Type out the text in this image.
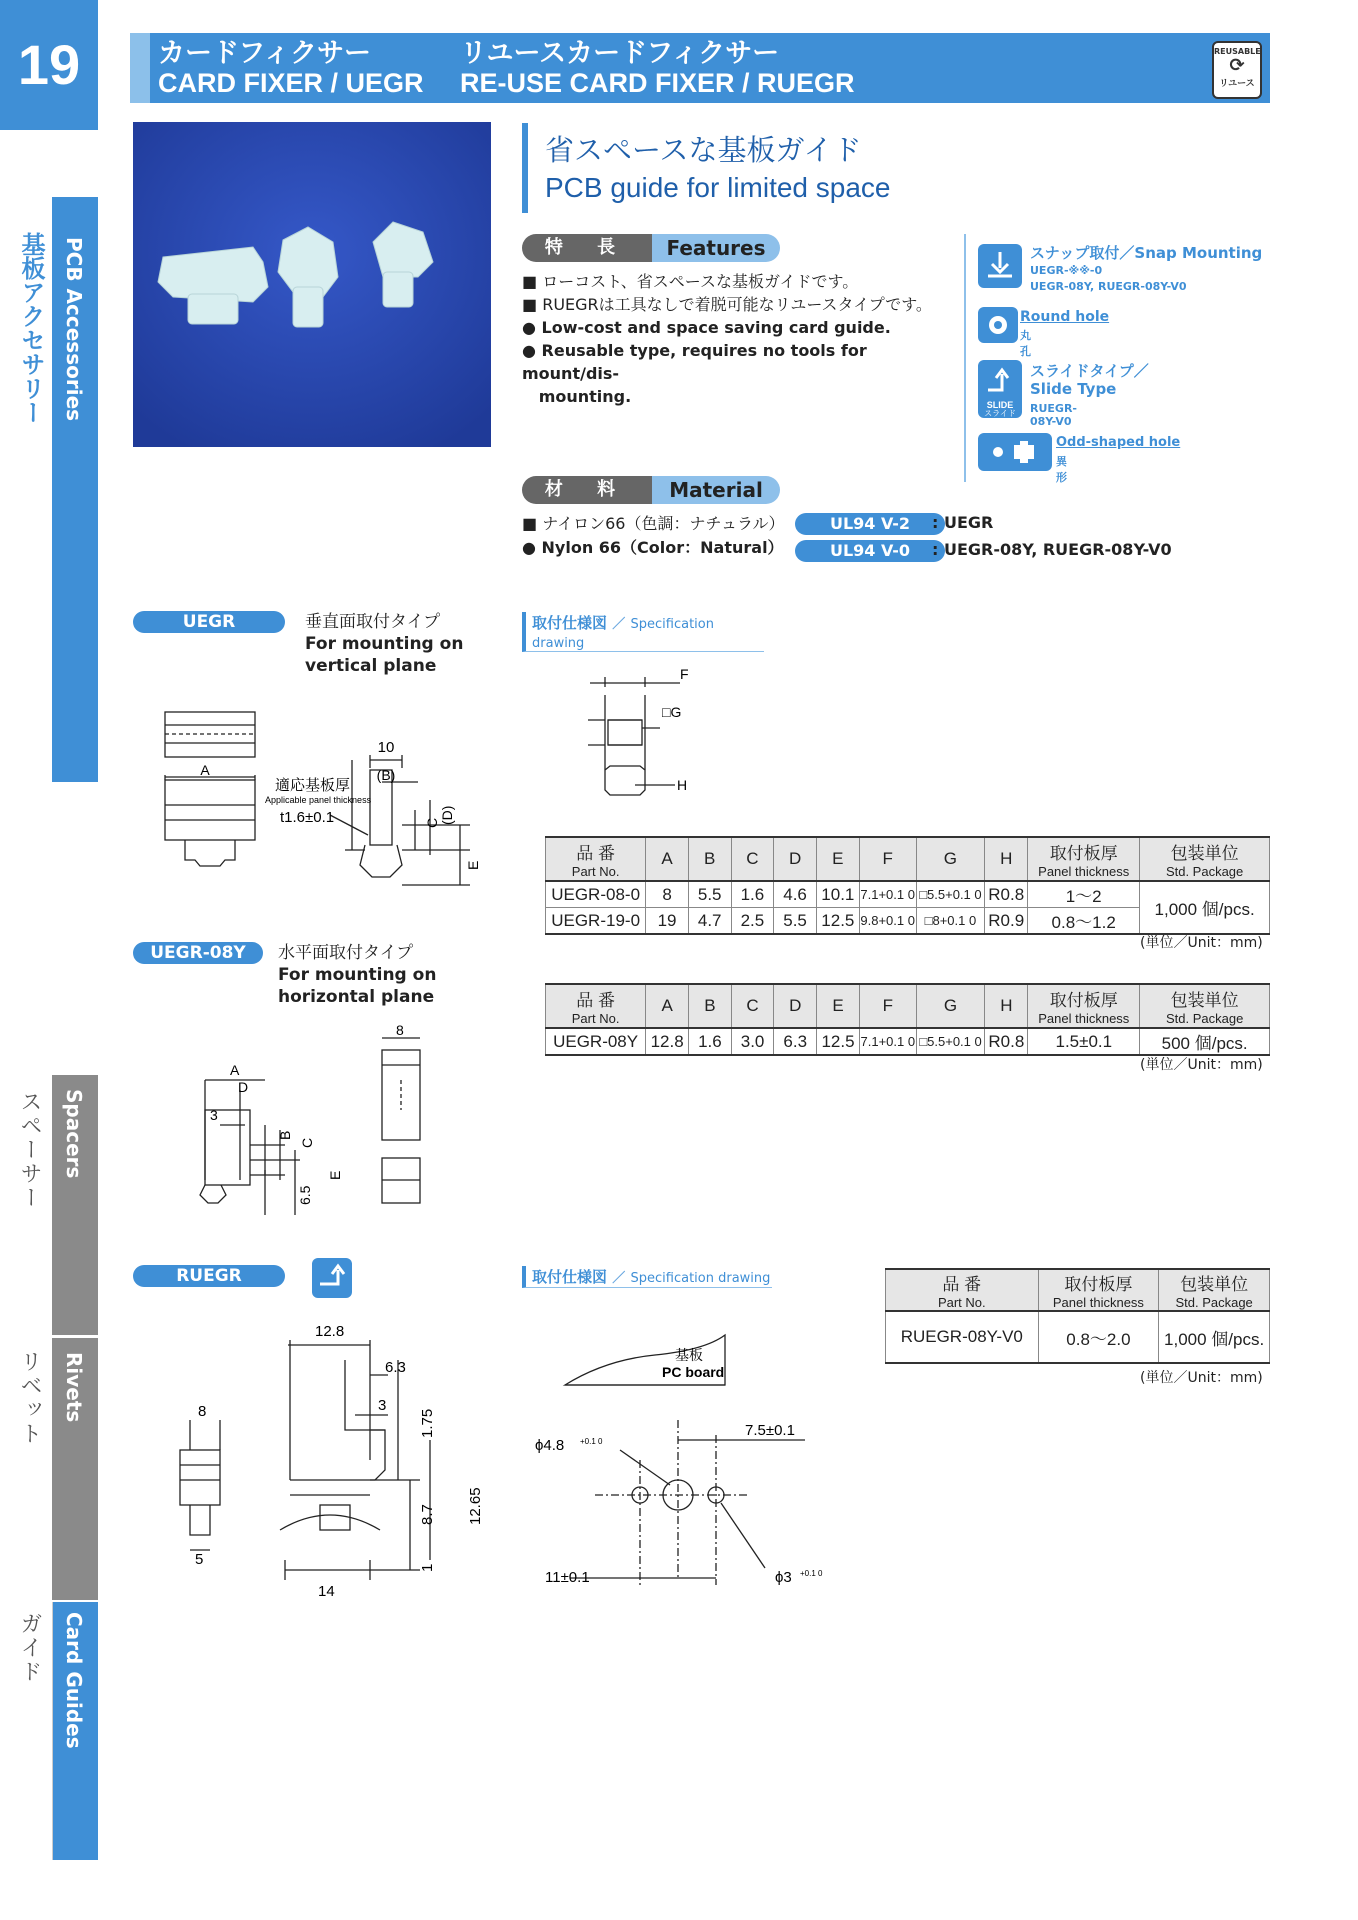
19	カードフィクサー
CARD FIXER / UEGR
リユースカードフィクサー
RE-USE CARD FIXER / RUEGR
REUSABLE
⟳
リユース
PCB Accessories
基板アクセサリー
Spacers
スペーサー
Rivets
リベット
Card Guides
ガイド
省スペースな基板ガイド
PCB guide for limited space
特 長	Features
■ ローコスト、省スペースな基板ガイドです。
■ RUEGRは工具なしで着脱可能なリユースタイプです。
● Low-cost and space saving card guide.
● Reusable type, requires no tools for mount/dis-
mounting.
スナップ取付／Snap Mounting
UEGR-※※-0
UEGR-08Y, RUEGR-08Y-V0
Round hole
丸孔
SLIDE
スライド
スライドタイプ／
Slide Type
RUEGR-08Y-V0
Odd-shaped hole
異形
材 料	Material
■ ナイロン66（色調：ナチュラル）
● Nylon 66（Color：Natural）
UL94 V-2	: UEGR
UL94 V-0	: UEGR-08Y, RUEGR-08Y-V0
UEGR	垂直面取付タイプ
For mounting on
vertical plane
A
10
(B)
C (D)
E
適応基板厚
Applicable panel thickness
t1.6±0.1
取付仕様図 ／ Specification drawing
F
□G
H
品 番
Part No.	A	B	C	D	E	F	G	H	取付板厚
Panel thickness	包装単位
Std. Package

UEGR-08-0	8	5.5	1.6	4.6	10.1	7.1+0.1 0	□5.5+0.1 0	R0.8	1～2	1,000 個/pcs.
UEGR-19-0	19	4.7	2.5	5.5	12.5	9.8+0.1 0	□8+0.1 0	R0.9	0.8～1.2	
(単位／Unit：mm)
UEGR-08Y	水平面取付タイプ
For mounting on
horizontal plane
A
D
3
B
C
6.5
E
8
品 番
Part No.	A	B	C	D	E	F	G	H	取付板厚
Panel thickness	包装単位
Std. Package

UEGR-08Y	12.8	1.6	3.0	6.3	12.5	7.1+0.1 0	□5.5+0.1 0	R0.8	1.5±0.1	500 個/pcs.
(単位／Unit：mm)
RUEGR
8
5
12.8
6.3
3
1.75
8.7 12.65
1
14
取付仕様図 ／ Specification drawing
基板
PC board
7.5±0.1
ϕ4.8 +0.1 0
11±0.1	ϕ3 +0.1 0
品 番
Part No.	取付板厚
Panel thickness	包装単位
Std. Package

RUEGR-08Y-V0	0.8～2.0	1,000 個/pcs.
(単位／Unit：mm)
